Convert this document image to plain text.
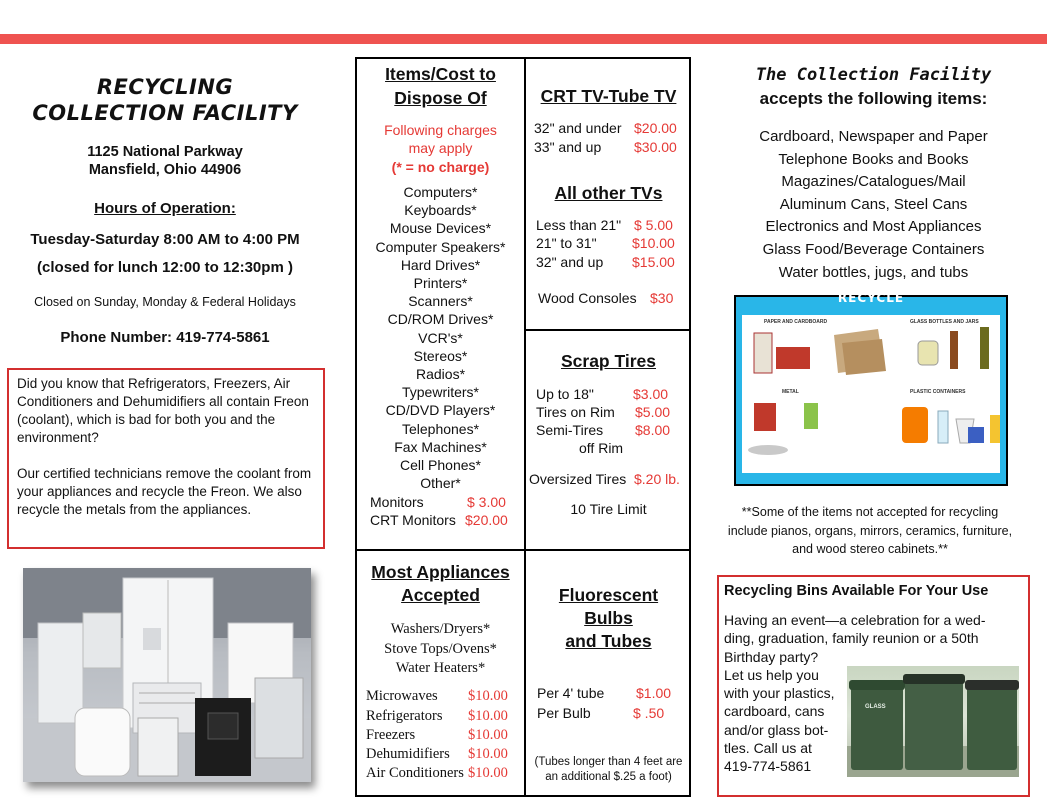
RECYCLING
COLLECTION FACILITY
1125 National Parkway
Mansfield, Ohio 44906
Hours of Operation:
Tuesday-Saturday 8:00 AM to 4:00 PM
(closed for lunch 12:00 to 12:30pm )
Closed on Sunday, Monday & Federal Holidays
Phone Number: 419-774-5861

Did you know that Refrigerators, Freezers, Air Conditioners and Dehumidifiers all contain Freon (coolant), which is bad for both you and the environment?

Our certified technicians remove the coolant from your appliances and recycle the Freon. We also recycle the metals from the appliances.

Items/Cost to
Dispose Of
Following charges
may apply
(* = no charge)
Computers*
Keyboards*
Mouse Devices*
Computer Speakers*
Hard Drives*
Printers*
Scanners*
CD/ROM Drives*
VCR's*
Stereos*
Radios*
Typewriters*
CD/DVD Players*
Telephones*
Fax Machines*
Cell Phones*
Other*
Monitors	$ 3.00
CRT Monitors $20.00
CRT TV-Tube TV
32" and under $20.00
33" and up $30.00
All other TVs
Less than 21" $ 5.00
21" to 31"	$10.00
32" and up $15.00
Wood Consoles $30
Scrap Tires
Up to 18"	$3.00
Tires on Rim $5.00
Semi-Tires $8.00
off Rim
Oversized Tires $.20 lb.
10 Tire Limit
Most Appliances
Accepted
Washers/Dryers*
Stove Tops/Ovens*
Water Heaters*
Microwaves $10.00
Refrigerators $10.00
Freezers	$10.00
Dehumidifiers $10.00
Air Conditioners $10.00
Fluorescent
Bulbs
and Tubes
Per 4' tube $1.00
Per Bulb	$ .50
(Tubes longer than 4 feet are
an additional $.25 a foot)
The Collection Facility
accepts the following items:
Cardboard, Newspaper and Paper
Telephone Books and Books
Magazines/Catalogues/Mail
Aluminum Cans, Steel Cans
Electronics and Most Appliances
Glass Food/Beverage Containers
Water bottles, jugs, and tubs
RECYCLE
PAPER AND CARDBOARD	GLASS BOTTLES AND JARS
METAL	PLASTIC CONTAINERS
**Some of the items not accepted for recycling include pianos, organs, mirrors, ceramics, furniture, and wood stereo cabinets.**
Recycling Bins Available For Your Use
Having an event—a celebration for a wed-ding, graduation, family reunion or a 50th Birthday party?
Let us help you with your plastics, cardboard, cans and/or glass bot-tles. Call us at 419-774-5861
GLASS
